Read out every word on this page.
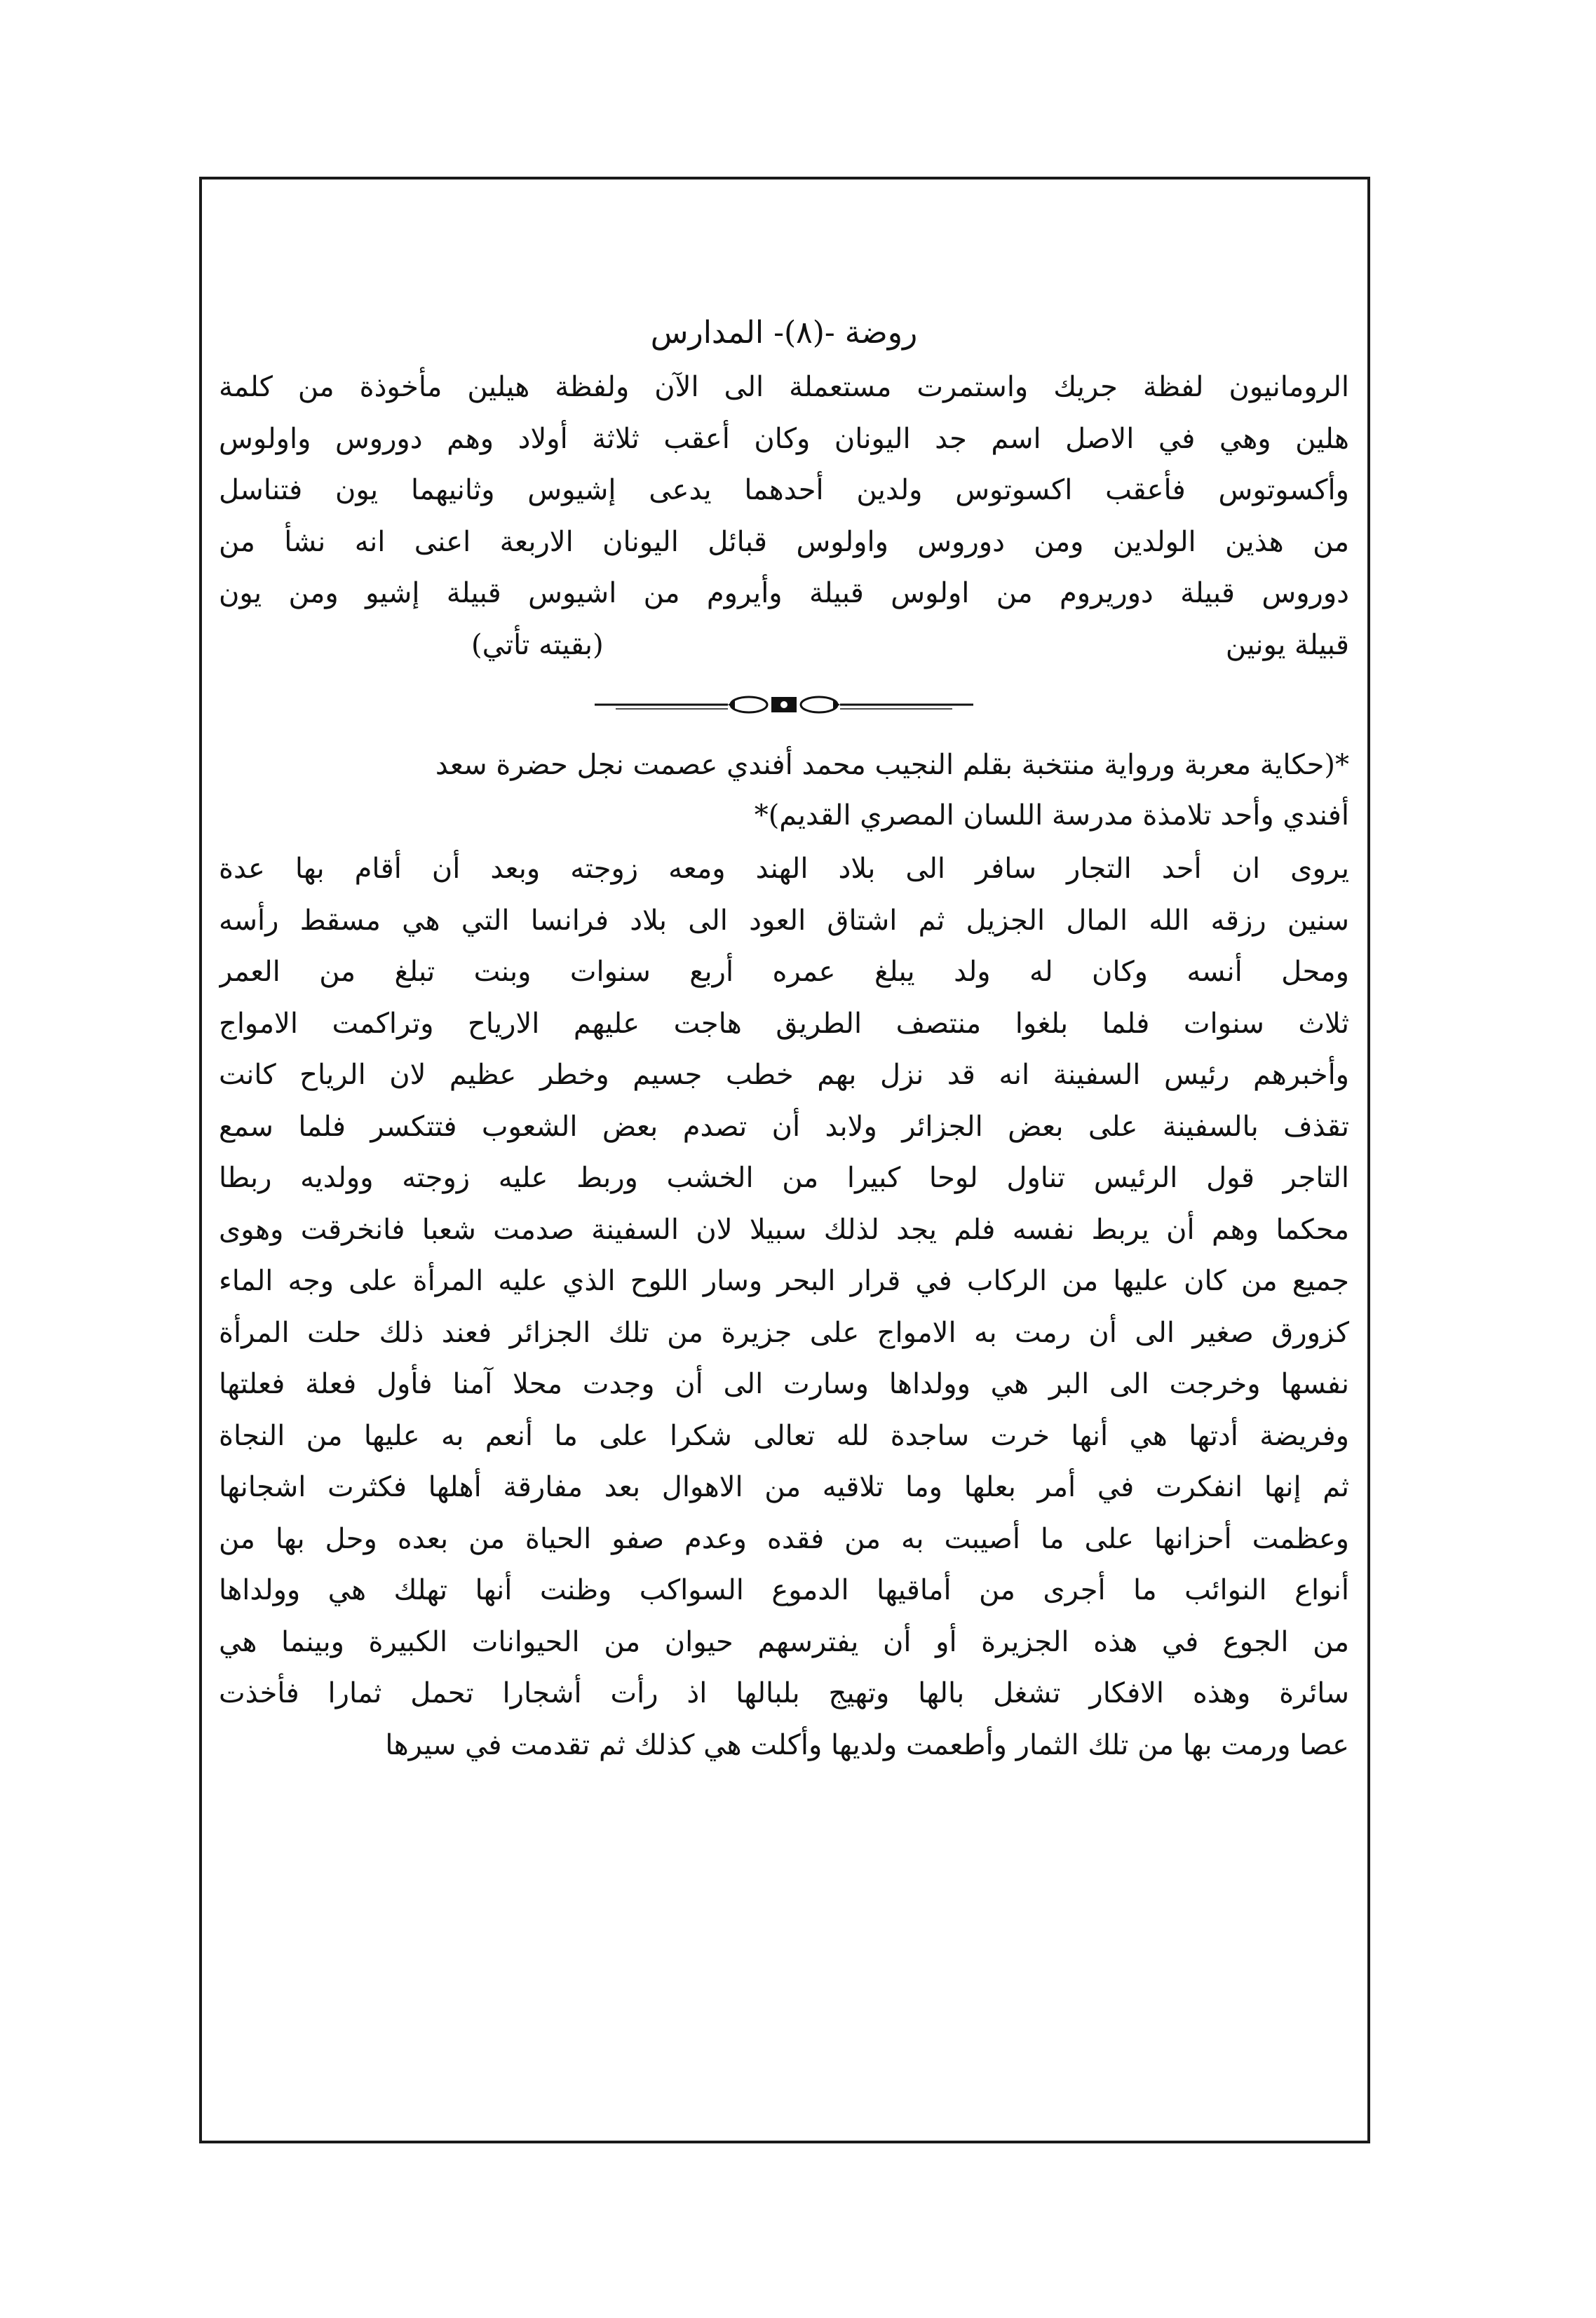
روضة -(٨)- المدارس
الرومانيون لفظة جريك واستمرت مستعملة الى الآن ولفظة هيلين مأخوذة من كلمة
هلين وهي في الاصل اسم جد اليونان وكان أعقب ثلاثة أولاد وهم دوروس واولوس
وأكسوتوس فأعقب اكسوتوس ولدين أحدهما يدعى إشيوس وثانيهما يون فتناسل
من هذين الولدين ومن دوروس واولوس قبائل اليونان الاربعة اعنى انه نشأ من
دوروس قبيلة دوريروم من اولوس قبيلة وأيروم من اشيوس قبيلة إشيو ومن يون
قبيلة يونين
(بقيته تأتي)
*(حكاية معربة ورواية منتخبة بقلم النجيب محمد أفندي عصمت نجل حضرة سعد
أفندي وأحد تلامذة مدرسة اللسان المصري القديم)*
يروى ان أحد التجار سافر الى بلاد الهند ومعه زوجته وبعد أن أقام بها عدة
سنين رزقه الله المال الجزيل ثم اشتاق العود الى بلاد فرانسا التي هي مسقط رأسه
ومحل أنسه وكان له ولد يبلغ عمره أربع سنوات وبنت تبلغ من العمر
ثلاث سنوات فلما بلغوا منتصف الطريق هاجت عليهم الارياح وتراكمت الامواج
وأخبرهم رئيس السفينة انه قد نزل بهم خطب جسيم وخطر عظيم لان الرياح كانت
تقذف بالسفينة على بعض الجزائر ولابد أن تصدم بعض الشعوب فتتكسر فلما سمع
التاجر قول الرئيس تناول لوحا كبيرا من الخشب وربط عليه زوجته وولديه ربطا
محكما وهم أن يربط نفسه فلم يجد لذلك سبيلا لان السفينة صدمت شعبا فانخرقت وهوى
جميع من كان عليها من الركاب في قرار البحر وسار اللوح الذي عليه المرأة على وجه الماء
كزورق صغير الى أن رمت به الامواج على جزيرة من تلك الجزائر فعند ذلك حلت المرأة
نفسها وخرجت الى البر هي وولداها وسارت الى أن وجدت محلا آمنا فأول فعلة فعلتها
وفريضة أدتها هي أنها خرت ساجدة لله تعالى شكرا على ما أنعم به عليها من النجاة
ثم إنها انفكرت في أمر بعلها وما تلاقيه من الاهوال بعد مفارقة أهلها فكثرت اشجانها
وعظمت أحزانها على ما أصيبت به من فقده وعدم صفو الحياة من بعده وحل بها من
أنواع النوائب ما أجرى من أماقيها الدموع السواكب وظنت أنها تهلك هي وولداها
من الجوع في هذه الجزيرة أو أن يفترسهم حيوان من الحيوانات الكبيرة وبينما هي
سائرة وهذه الافكار تشغل بالها وتهيج بلبالها اذ رأت أشجارا تحمل ثمارا فأخذت
عصا ورمت بها من تلك الثمار وأطعمت ولديها وأكلت هي كذلك ثم تقدمت في سيرها
